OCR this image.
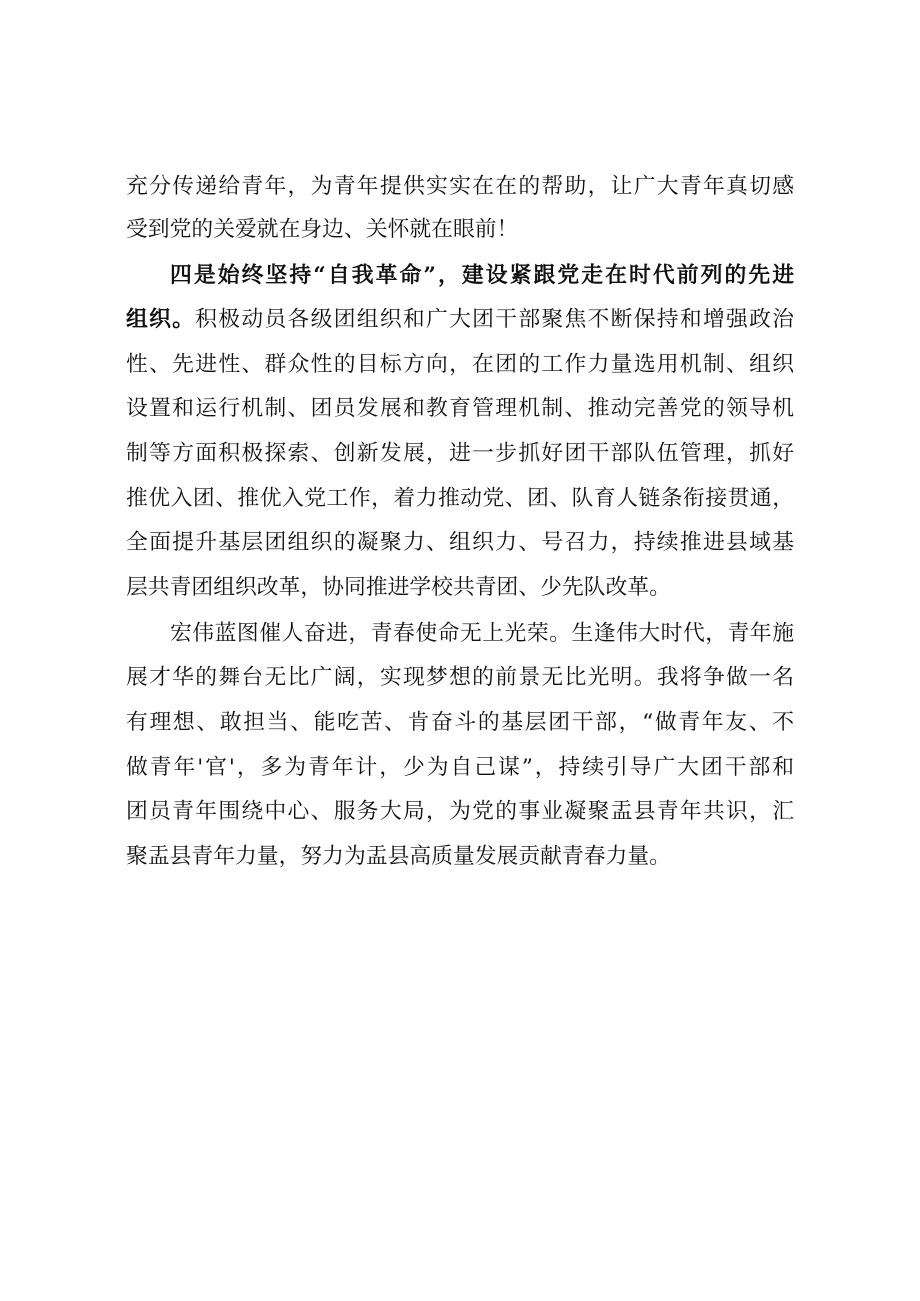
充分传递给青年，为青年提供实实在在的帮助，让广大青年真切感
受到党的关爱就在身边、关怀就在眼前！
四是始终坚持“自我革命”，建设紧跟党走在时代前列的先进
组织。积极动员各级团组织和广大团干部聚焦不断保持和增强政治
性、先进性、群众性的目标方向，在团的工作力量选用机制、组织
设置和运行机制、团员发展和教育管理机制、推动完善党的领导机
制等方面积极探索、创新发展，进一步抓好团干部队伍管理，抓好
推优入团、推优入党工作，着力推动党、团、队育人链条衔接贯通，
全面提升基层团组织的凝聚力、组织力、号召力，持续推进县域基
层共青团组织改革，协同推进学校共青团、少先队改革。
宏伟蓝图催人奋进，青春使命无上光荣。生逢伟大时代，青年施
展才华的舞台无比广阔，实现梦想的前景无比光明。我将争做一名
有理想、敢担当、能吃苦、肯奋斗的基层团干部，“做青年友、不
做青年'官'，多为青年计，少为自己谋”，持续引导广大团干部和
团员青年围绕中心、服务大局，为党的事业凝聚盂县青年共识，汇
聚盂县青年力量，努力为盂县高质量发展贡献青春力量。
